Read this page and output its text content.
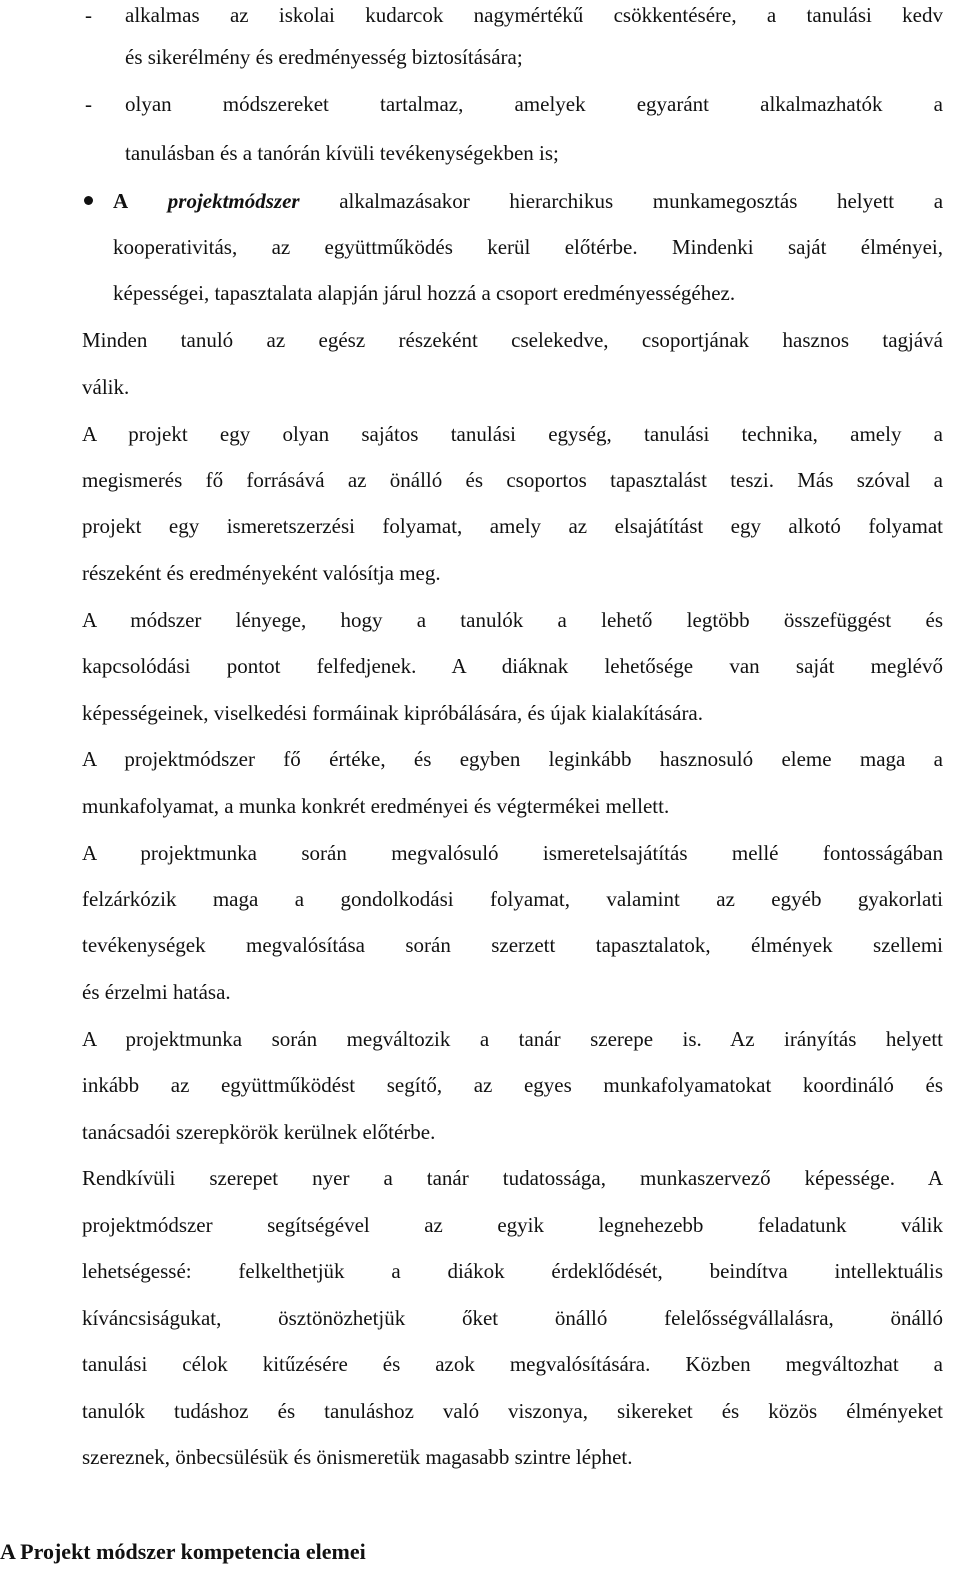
- alkalmas az iskolai kudarcok nagymértékű csökkentésére, a tanulási kedv
és sikerélmény és eredményesség biztosítására;
- olyan módszereket tartalmaz, amelyek egyaránt alkalmazhatók a
tanulásban és a tanórán kívüli tevékenységekben is;
A projektmódszer alkalmazásakor hierarchikus munkamegosztás helyett a
kooperativitás, az együttműködés kerül előtérbe. Mindenki saját élményei,
képességei, tapasztalata alapján járul hozzá a csoport eredményességéhez.
Minden tanuló az egész részeként cselekedve, csoportjának hasznos tagjává
válik.
A projekt egy olyan sajátos tanulási egység, tanulási technika, amely a
megismerés fő forrásává az önálló és csoportos tapasztalást teszi. Más szóval a
projekt egy ismeretszerzési folyamat, amely az elsajátítást egy alkotó folyamat
részeként és eredményeként valósítja meg.
A módszer lényege, hogy a tanulók a lehető legtöbb összefüggést és
kapcsolódási pontot felfedjenek. A diáknak lehetősége van saját meglévő
képességeinek, viselkedési formáinak kipróbálására, és újak kialakítására.
A projektmódszer fő értéke, és egyben leginkább hasznosuló eleme maga a
munkafolyamat, a munka konkrét eredményei és végtermékei mellett.
A projektmunka során megvalósuló ismeretelsajátítás mellé fontosságában
felzárkózik maga a gondolkodási folyamat, valamint az egyéb gyakorlati
tevékenységek megvalósítása során szerzett tapasztalatok, élmények szellemi
és érzelmi hatása.
A projektmunka során megváltozik a tanár szerepe is. Az irányítás helyett
inkább az együttműködést segítő, az egyes munkafolyamatokat koordináló és
tanácsadói szerepkörök kerülnek előtérbe.
Rendkívüli szerepet nyer a tanár tudatossága, munkaszervező képessége. A
projektmódszer segítségével az egyik legnehezebb feladatunk válik
lehetségessé: felkelthetjük a diákok érdeklődését, beindítva intellektuális
kíváncsiságukat, ösztönözhetjük őket önálló felelősségvállalásra, önálló
tanulási célok kitűzésére és azok megvalósítására. Közben megváltozhat a
tanulók tudáshoz és tanuláshoz való viszonya, sikereket és közös élményeket
szereznek, önbecsülésük és önismeretük magasabb szintre léphet.
A Projekt módszer kompetencia elemei
